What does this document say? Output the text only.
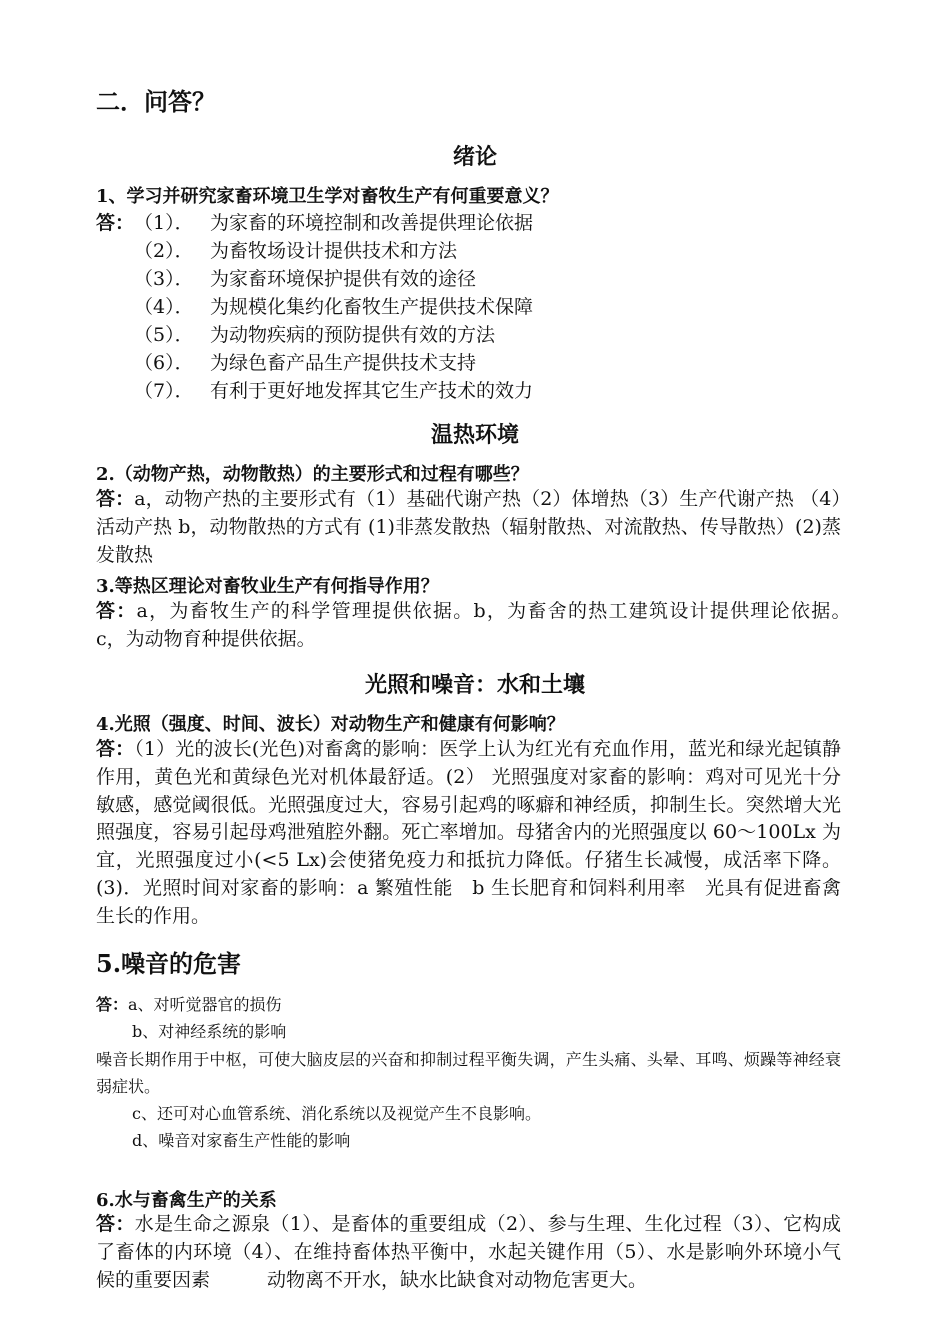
二．问答？
绪论
1、学习并研究家畜环境卫生学对畜牧生产有何重要意义？
答：（1）． 为家畜的环境控制和改善提供理论依据
（2）． 为畜牧场设计提供技术和方法
（3）． 为家畜环境保护提供有效的途径
（4）． 为规模化集约化畜牧生产提供技术保障
（5）． 为动物疾病的预防提供有效的方法
（6）． 为绿色畜产品生产提供技术支持
（7）． 有利于更好地发挥其它生产技术的效力
温热环境
2.（动物产热，动物散热）的主要形式和过程有哪些？
答：a，动物产热的主要形式有（1）基础代谢产热（2）体增热（3）生产代谢产热 （4）活动产热 b，动物散热的方式有 (1)非蒸发散热（辐射散热、对流散热、传导散热）(2)蒸发散热
3.等热区理论对畜牧业生产有何指导作用？
答：a，为畜牧生产的科学管理提供依据。b，为畜舍的热工建筑设计提供理论依据。　c，为动物育种提供依据。
光照和噪音：水和土壤
4.光照（强度、时间、波长）对动物生产和健康有何影响？
答：（1）光的波长(光色)对畜禽的影响：医学上认为红光有充血作用，蓝光和绿光起镇静作用，黄色光和黄绿色光对机体最舒适。(2） 光照强度对家畜的影响：鸡对可见光十分敏感，感觉阈很低。光照强度过大，容易引起鸡的啄癖和神经质，抑制生长。突然增大光照强度，容易引起母鸡泄殖腔外翻。死亡率增加。母猪舍内的光照强度以 60～100Lx 为宜，光照强度过小(<5 Lx)会使猪免疫力和抵抗力降低。仔猪生长减慢，成活率下降。(3)．光照时间对家畜的影响：a 繁殖性能　b 生长肥育和饲料利用率　光具有促进畜禽生长的作用。
5.噪音的危害
答：a、对听觉器官的损伤
b、对神经系统的影响
噪音长期作用于中枢，可使大脑皮层的兴奋和抑制过程平衡失调，产生头痛、头晕、耳鸣、烦躁等神经衰弱症状。
c、还可对心血管系统、消化系统以及视觉产生不良影响。
d、噪音对家畜生产性能的影响
6.水与畜禽生产的关系
答：水是生命之源泉（1）、是畜体的重要组成（2）、参与生理、生化过程（3）、它构成了畜体的内环境（4）、在维持畜体热平衡中，水起关键作用（5）、水是影响外环境小气候的重要因素　　　动物离不开水，缺水比缺食对动物危害更大。
